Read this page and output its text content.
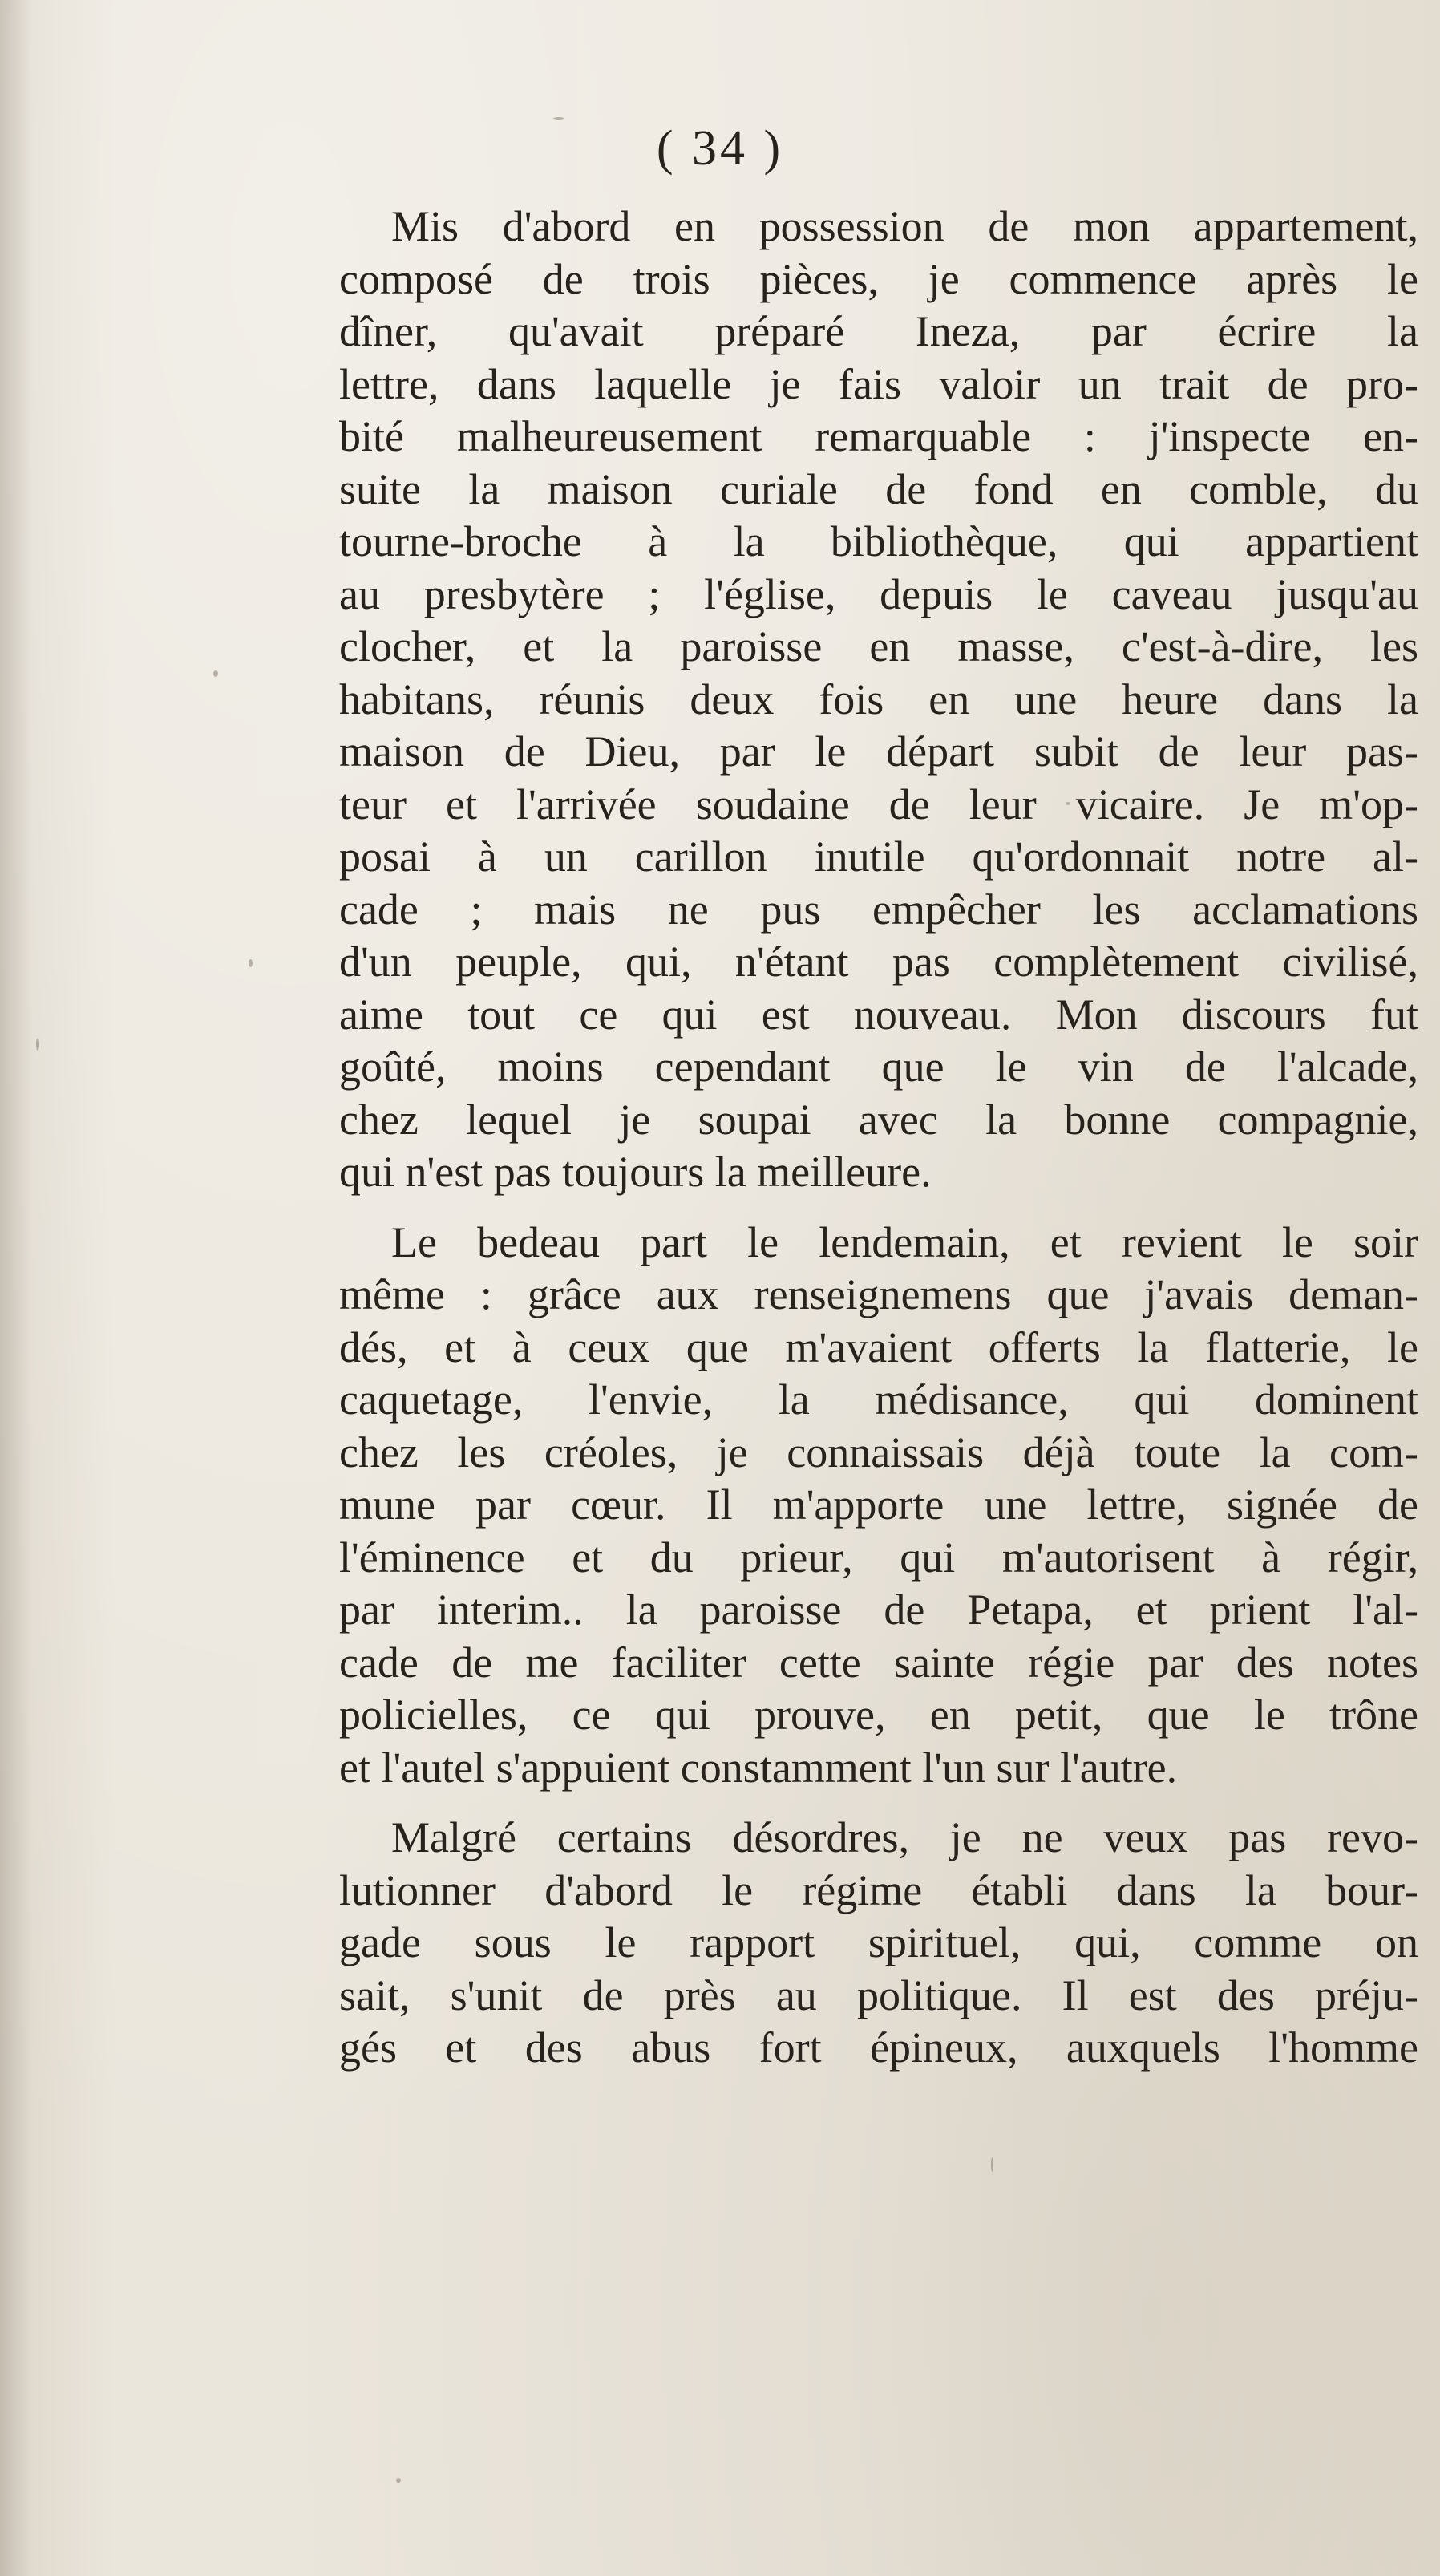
( 34 )
Mis d'abord en possession de mon appartement,
composé de trois pièces, je commence après le
dîner, qu'avait préparé Ineza, par écrire la
lettre, dans laquelle je fais valoir un trait de pro-
bité malheureusement remarquable : j'inspecte en-
suite la maison curiale de fond en comble, du
tourne-broche à la bibliothèque, qui appartient
au presbytère ; l'église, depuis le caveau jusqu'au
clocher, et la paroisse en masse, c'est-à-dire, les
habitans, réunis deux fois en une heure dans la
maison de Dieu, par le départ subit de leur pas-
teur et l'arrivée soudaine de leur vicaire. Je m'op-
posai à un carillon inutile qu'ordonnait notre al-
cade ; mais ne pus empêcher les acclamations
d'un peuple, qui, n'étant pas complètement civilisé,
aime tout ce qui est nouveau. Mon discours fut
goûté, moins cependant que le vin de l'alcade,
chez lequel je soupai avec la bonne compagnie,
qui n'est pas toujours la meilleure.
Le bedeau part le lendemain, et revient le soir
même : grâce aux renseignemens que j'avais deman-
dés, et à ceux que m'avaient offerts la flatterie, le
caquetage, l'envie, la médisance, qui dominent
chez les créoles, je connaissais déjà toute la com-
mune par cœur. Il m'apporte une lettre, signée de
l'éminence et du prieur, qui m'autorisent à régir,
par interim.. la paroisse de Petapa, et prient l'al-
cade de me faciliter cette sainte régie par des notes
policielles, ce qui prouve, en petit, que le trône
et l'autel s'appuient constamment l'un sur l'autre.
Malgré certains désordres, je ne veux pas revo-
lutionner d'abord le régime établi dans la bour-
gade sous le rapport spirituel, qui, comme on
sait, s'unit de près au politique. Il est des préju-
gés et des abus fort épineux, auxquels l'homme
